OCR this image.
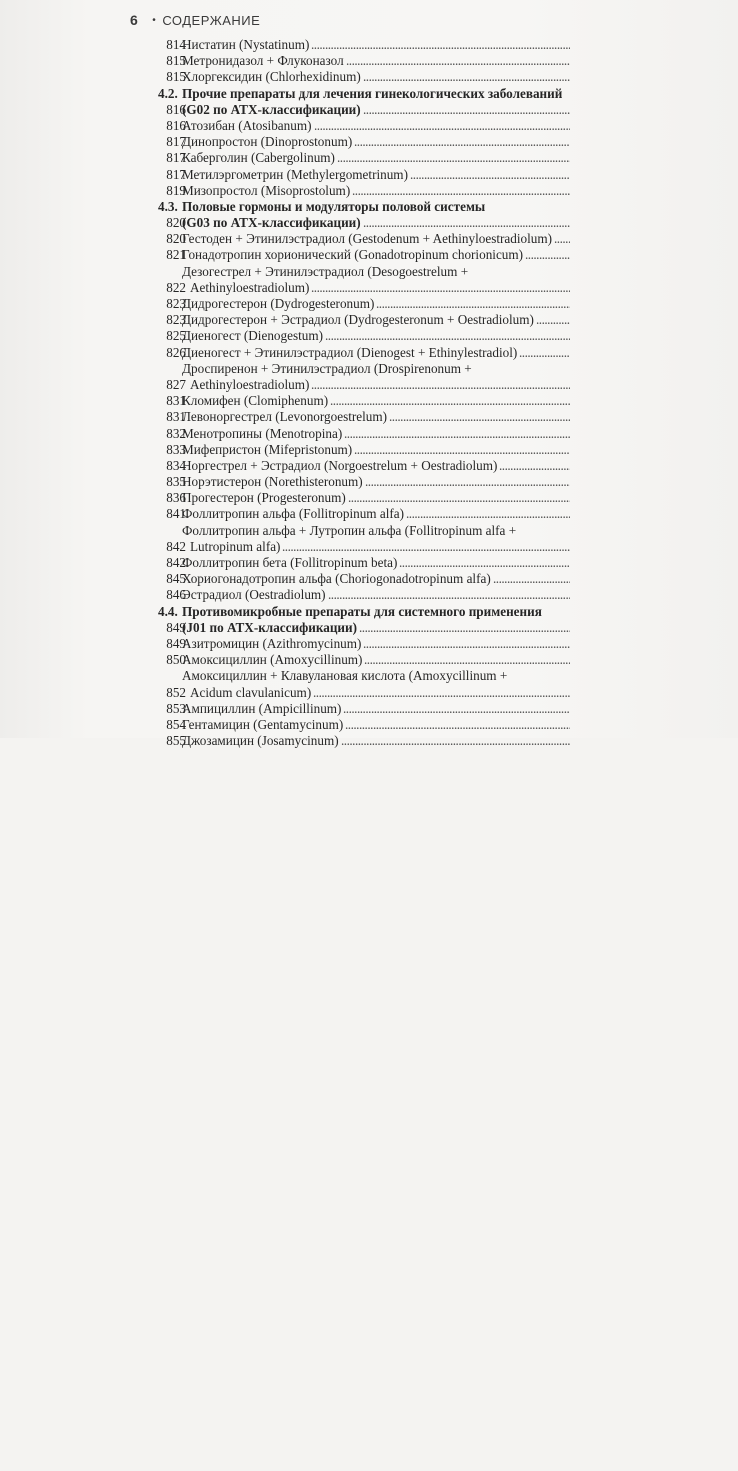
6 • СОДЕРЖАНИЕ
Нистатин (Nystatinum)
. . .
814
Метронидазол + Флуконазол
. . .
815
Хлоргексидин (Chlorhexidinum)
. . .
815
4.2. Прочие препараты для лечения гинекологических заболеваний
(G02 по ATX-классификации)
. . .
816
Атозибан (Atosibanum)
. . .
816
Динопростон (Dinoprostonum)
. . .
817
Каберголин (Cabergolinum)
. . .
817
Метилэргометрин (Methylergometrinum)
. . .
817
Мизопростол (Misoprostolum)
. . .
819
4.3. Половые гормоны и модуляторы половой системы
(G03 по ATX-классификации)
. . .
820
Гестоден + Этинилэстрадиол (Gestodenum + Aethinyloestradiolum)
. . .
820
Гонадотропин хорионический (Gonadotropinum chorionicum)
. . .
821
Дезогестрел + Этинилэстрадиол (Desogoestrelum +
Aethinyloestradiolum)
. . .
822
Дидрогестерон (Dydrogesteronum)
. . .
823
Дидрогестерон + Эстрадиол (Dydrogesteronum + Oestradiolum)
. . .
823
Диеногест (Dienogestum)
. . .
825
Диеногест + Этинилэстрадиол (Dienogest + Ethinylestradiol)
. . .
826
Дроспиренон + Этинилэстрадиол (Drospirenonum +
Aethinyloestradiolum)
. . .
827
Кломифен (Clomiphenum)
. . .
831
Левоноргестрел (Levonorgoestrelum)
. . .
831
Менотропины (Menotropina)
. . .
832
Мифепристон (Mifepristonum)
. . .
833
Норгестрел + Эстрадиол (Norgoestrelum + Oestradiolum)
. . .
834
Норэтистерон (Norethisteronum)
. . .
835
Прогестерон (Progesteronum)
. . .
836
Фоллитропин альфа (Follitropinum alfa)
. . .
841
Фоллитропин альфа + Лутропин альфа (Follitropinum alfa +
Lutropinum alfa)
. . .
842
Фоллитропин бета (Follitropinum beta)
. . .
842
Хориогонадотропин альфа (Choriogonadotropinum alfa)
. . .
845
Эстрадиол (Oestradiolum)
. . .
846
4.4. Противомикробные препараты для системного применения
(J01 по ATX-классификации)
. . .
849
Азитромицин (Azithromycinum)
. . .
849
Амоксициллин (Amoxycillinum)
. . .
850
Амоксициллин + Клавулановая кислота (Amoxycillinum +
Acidum clavulanicum)
. . .
852
Ампициллин (Ampicillinum)
. . .
853
Гентамицин (Gentamycinum)
. . .
854
Джозамицин (Josamycinum)
. . .
855
